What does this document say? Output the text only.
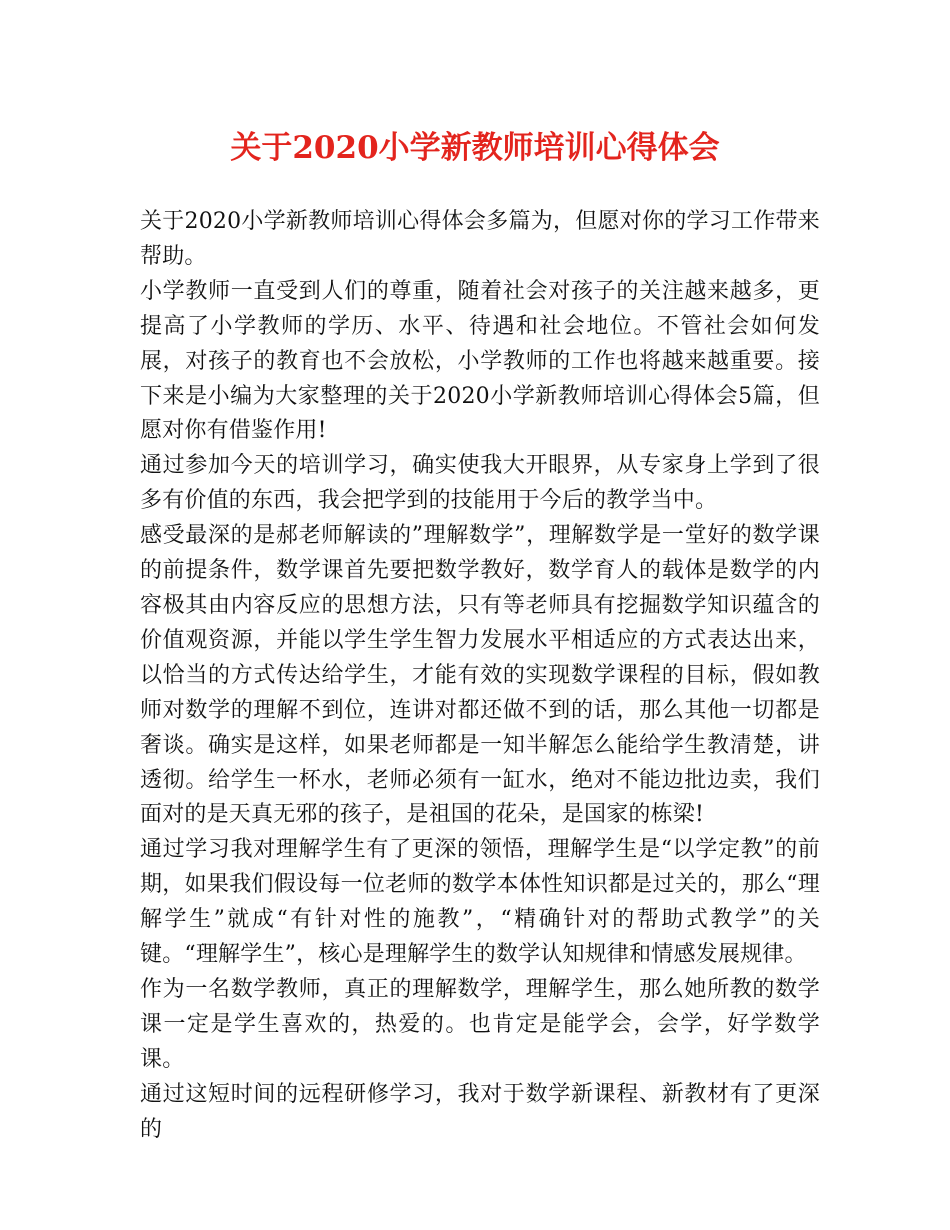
关于2020小学新教师培训心得体会

关于2020小学新教师培训心得体会多篇为，但愿对你的学习工作带来帮助。

小学教师一直受到人们的尊重，随着社会对孩子的关注越来越多，更提高了小学教师的学历、水平、待遇和社会地位。不管社会如何发展，对孩子的教育也不会放松，小学教师的工作也将越来越重要。接下来是小编为大家整理的关于2020小学新教师培训心得体会5篇，但愿对你有借鉴作用!

通过参加今天的培训学习，确实使我大开眼界，从专家身上学到了很多有价值的东西，我会把学到的技能用于今后的教学当中。

感受最深的是郝老师解读的”理解数学”，理解数学是一堂好的数学课的前提条件，数学课首先要把数学教好，数学育人的载体是数学的内容极其由内容反应的思想方法，只有等老师具有挖掘数学知识蕴含的价值观资源，并能以学生学生智力发展水平相适应的方式表达出来，以恰当的方式传达给学生，才能有效的实现数学课程的目标，假如教师对数学的理解不到位，连讲对都还做不到的话，那么其他一切都是奢谈。确实是这样，如果老师都是一知半解怎么能给学生教清楚，讲透彻。给学生一杯水，老师必须有一缸水，绝对不能边批边卖，我们面对的是天真无邪的孩子，是祖国的花朵，是国家的栋梁!

通过学习我对理解学生有了更深的领悟，理解学生是“以学定教”的前期，如果我们假设每一位老师的数学本体性知识都是过关的，那么“理解学生”就成“有针对性的施教”，“精确针对的帮助式教学”的关键。“理解学生”，核心是理解学生的数学认知规律和情感发展规律。

作为一名数学教师，真正的理解数学，理解学生，那么她所教的数学课一定是学生喜欢的，热爱的。也肯定是能学会，会学，好学数学课。

通过这短时间的远程研修学习，我对于数学新课程、新教材有了更深的
